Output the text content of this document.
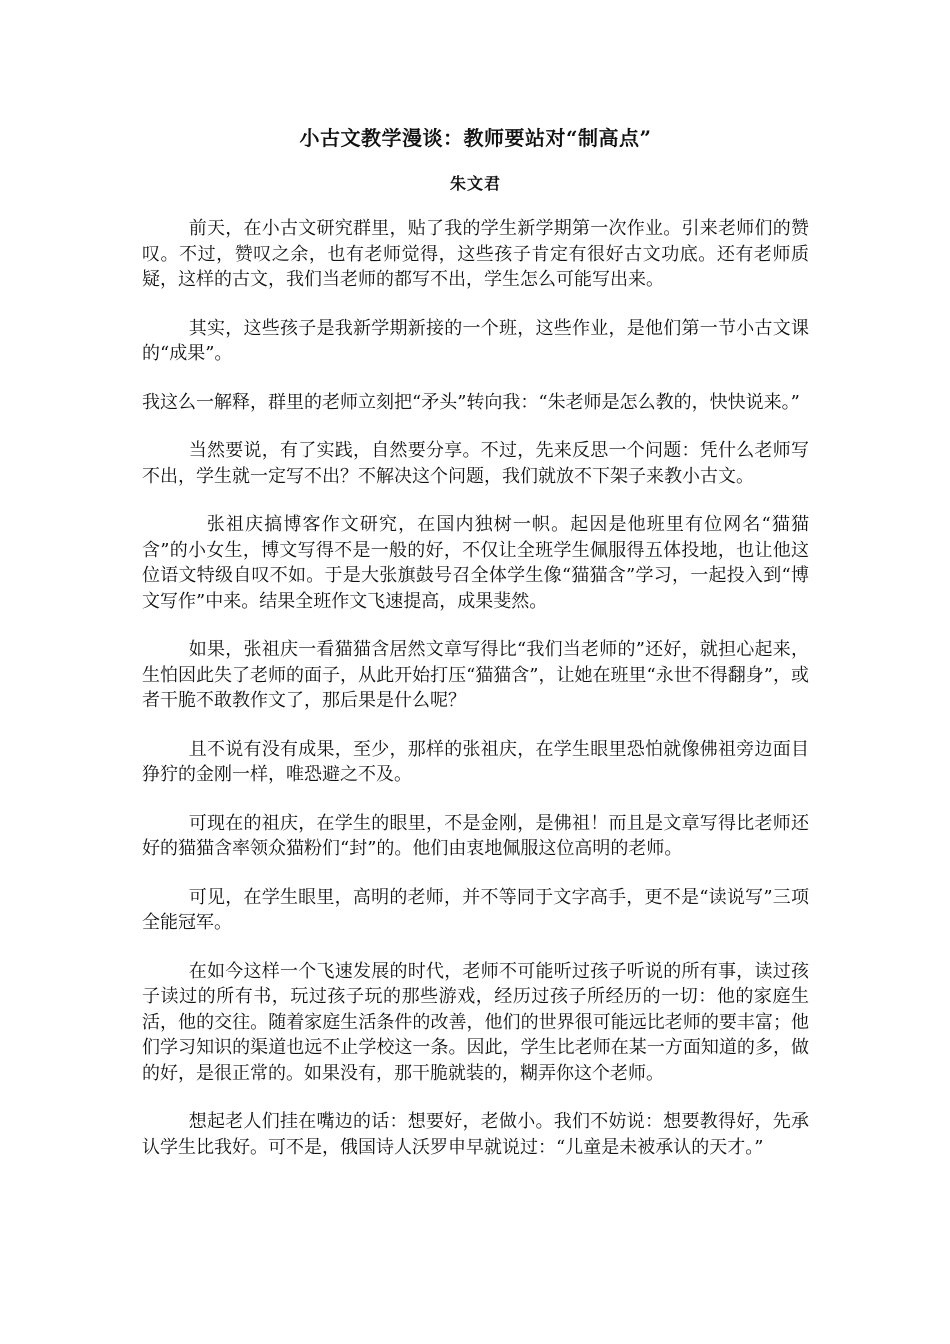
小古文教学漫谈：教师要站对“制高点”
朱文君

前天，在小古文研究群里，贴了我的学生新学期第一次作业。引来老师们的赞叹。不过，赞叹之余，也有老师觉得，这些孩子肯定有很好古文功底。还有老师质疑，这样的古文，我们当老师的都写不出，学生怎么可能写出来。

其实，这些孩子是我新学期新接的一个班，这些作业，是他们第一节小古文课的“成果”。

我这么一解释，群里的老师立刻把“矛头”转向我：“朱老师是怎么教的，快快说来。”

当然要说，有了实践，自然要分享。不过，先来反思一个问题：凭什么老师写不出，学生就一定写不出？不解决这个问题，我们就放不下架子来教小古文。

张祖庆搞博客作文研究，在国内独树一帜。起因是他班里有位网名“猫猫含”的小女生，博文写得不是一般的好，不仅让全班学生佩服得五体投地，也让他这位语文特级自叹不如。于是大张旗鼓号召全体学生像“猫猫含”学习，一起投入到“博文写作”中来。结果全班作文飞速提高，成果斐然。

如果，张祖庆一看猫猫含居然文章写得比“我们当老师的”还好，就担心起来，生怕因此失了老师的面子，从此开始打压“猫猫含”，让她在班里“永世不得翻身”，或者干脆不敢教作文了，那后果是什么呢？

且不说有没有成果，至少，那样的张祖庆，在学生眼里恐怕就像佛祖旁边面目狰狞的金刚一样，唯恐避之不及。

可现在的祖庆，在学生的眼里，不是金刚，是佛祖！而且是文章写得比老师还好的猫猫含率领众猫粉们“封”的。他们由衷地佩服这位高明的老师。

可见，在学生眼里，高明的老师，并不等同于文字高手，更不是“读说写”三项全能冠军。

在如今这样一个飞速发展的时代，老师不可能听过孩子听说的所有事，读过孩子读过的所有书，玩过孩子玩的那些游戏，经历过孩子所经历的一切：他的家庭生活，他的交往。随着家庭生活条件的改善，他们的世界很可能远比老师的要丰富；他们学习知识的渠道也远不止学校这一条。因此，学生比老师在某一方面知道的多，做的好，是很正常的。如果没有，那干脆就装的，糊弄你这个老师。

想起老人们挂在嘴边的话：想要好，老做小。我们不妨说：想要教得好，先承认学生比我好。可不是，俄国诗人沃罗申早就说过：“儿童是未被承认的天才。”
